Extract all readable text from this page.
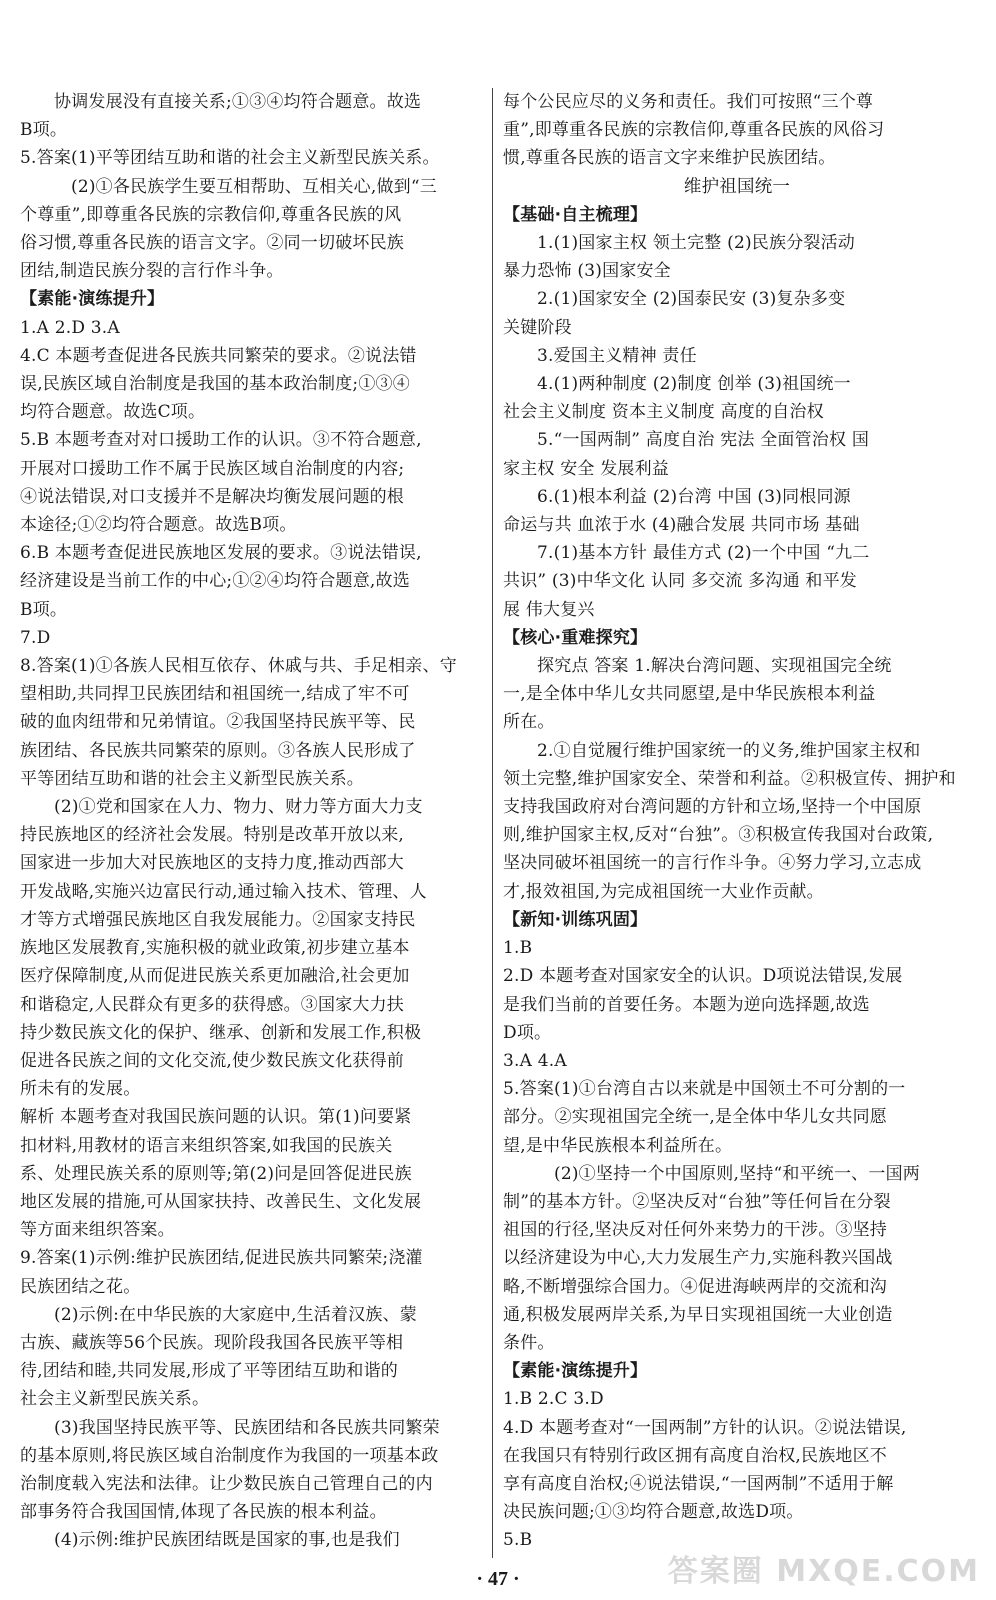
协调发展没有直接关系;①③④均符合题意。故选

B项。

5.答案(1)平等团结互助和谐的社会主义新型民族关系。

(2)①各民族学生要互相帮助、互相关心,做到“三

个尊重”,即尊重各民族的宗教信仰,尊重各民族的风

俗习惯,尊重各民族的语言文字。②同一切破坏民族

团结,制造民族分裂的言行作斗争。

【素能·演练提升】

1.A 2.D 3.A

4.C 本题考查促进各民族共同繁荣的要求。②说法错

误,民族区域自治制度是我国的基本政治制度;①③④

均符合题意。故选C项。

5.B 本题考查对对口援助工作的认识。③不符合题意,

开展对口援助工作不属于民族区域自治制度的内容;

④说法错误,对口支援并不是解决均衡发展问题的根

本途径;①②均符合题意。故选B项。

6.B 本题考查促进民族地区发展的要求。③说法错误,

经济建设是当前工作的中心;①②④均符合题意,故选

B项。

7.D

8.答案(1)①各族人民相互依存、休戚与共、手足相亲、守

望相助,共同捍卫民族团结和祖国统一,结成了牢不可

破的血肉纽带和兄弟情谊。②我国坚持民族平等、民

族团结、各民族共同繁荣的原则。③各族人民形成了

平等团结互助和谐的社会主义新型民族关系。

(2)①党和国家在人力、物力、财力等方面大力支

持民族地区的经济社会发展。特别是改革开放以来,

国家进一步加大对民族地区的支持力度,推动西部大

开发战略,实施兴边富民行动,通过输入技术、管理、人

才等方式增强民族地区自我发展能力。②国家支持民

族地区发展教育,实施积极的就业政策,初步建立基本

医疗保障制度,从而促进民族关系更加融洽,社会更加

和谐稳定,人民群众有更多的获得感。③国家大力扶

持少数民族文化的保护、继承、创新和发展工作,积极

促进各民族之间的文化交流,使少数民族文化获得前

所未有的发展。

解析 本题考查对我国民族问题的认识。第(1)问要紧

扣材料,用教材的语言来组织答案,如我国的民族关

系、处理民族关系的原则等;第(2)问是回答促进民族

地区发展的措施,可从国家扶持、改善民生、文化发展

等方面来组织答案。

9.答案(1)示例:维护民族团结,促进民族共同繁荣;浇灌

民族团结之花。

(2)示例:在中华民族的大家庭中,生活着汉族、蒙

古族、藏族等56个民族。现阶段我国各民族平等相

待,团结和睦,共同发展,形成了平等团结互助和谐的

社会主义新型民族关系。

(3)我国坚持民族平等、民族团结和各民族共同繁荣

的基本原则,将民族区域自治制度作为我国的一项基本政

治制度载入宪法和法律。让少数民族自己管理自己的内

部事务符合我国国情,体现了各民族的根本利益。

(4)示例:维护民族团结既是国家的事,也是我们

每个公民应尽的义务和责任。我们可按照“三个尊

重”,即尊重各民族的宗教信仰,尊重各民族的风俗习

惯,尊重各民族的语言文字来维护民族团结。

维护祖国统一

【基础·自主梳理】

1.(1)国家主权 领土完整 (2)民族分裂活动

暴力恐怖 (3)国家安全

2.(1)国家安全 (2)国泰民安 (3)复杂多变

关键阶段

3.爱国主义精神 责任

4.(1)两种制度 (2)制度 创举 (3)祖国统一

社会主义制度 资本主义制度 高度的自治权

5.“一国两制” 高度自治 宪法 全面管治权 国

家主权 安全 发展利益

6.(1)根本利益 (2)台湾 中国 (3)同根同源

命运与共 血浓于水 (4)融合发展 共同市场 基础

7.(1)基本方针 最佳方式 (2)一个中国 “九二

共识” (3)中华文化 认同 多交流 多沟通 和平发

展 伟大复兴

【核心·重难探究】

探究点 答案 1.解决台湾问题、实现祖国完全统

一,是全体中华儿女共同愿望,是中华民族根本利益

所在。

2.①自觉履行维护国家统一的义务,维护国家主权和

领土完整,维护国家安全、荣誉和利益。②积极宣传、拥护和

支持我国政府对台湾问题的方针和立场,坚持一个中国原

则,维护国家主权,反对“台独”。③积极宣传我国对台政策,

坚决同破坏祖国统一的言行作斗争。④努力学习,立志成

才,报效祖国,为完成祖国统一大业作贡献。

【新知·训练巩固】

1.B

2.D 本题考查对国家安全的认识。D项说法错误,发展

是我们当前的首要任务。本题为逆向选择题,故选

D项。

3.A 4.A

5.答案(1)①台湾自古以来就是中国领土不可分割的一

部分。②实现祖国完全统一,是全体中华儿女共同愿

望,是中华民族根本利益所在。

(2)①坚持一个中国原则,坚持“和平统一、一国两

制”的基本方针。②坚决反对“台独”等任何旨在分裂

祖国的行径,坚决反对任何外来势力的干涉。③坚持

以经济建设为中心,大力发展生产力,实施科教兴国战

略,不断增强综合国力。④促进海峡两岸的交流和沟

通,积极发展两岸关系,为早日实现祖国统一大业创造

条件。

【素能·演练提升】

1.B 2.C 3.D

4.D 本题考查对“一国两制”方针的认识。②说法错误,

在我国只有特别行政区拥有高度自治权,民族地区不

享有高度自治权;④说法错误,“一国两制”不适用于解

决民族问题;①③均符合题意,故选D项。

5.B

· 47 ·	答案圈 MXQE.COM
